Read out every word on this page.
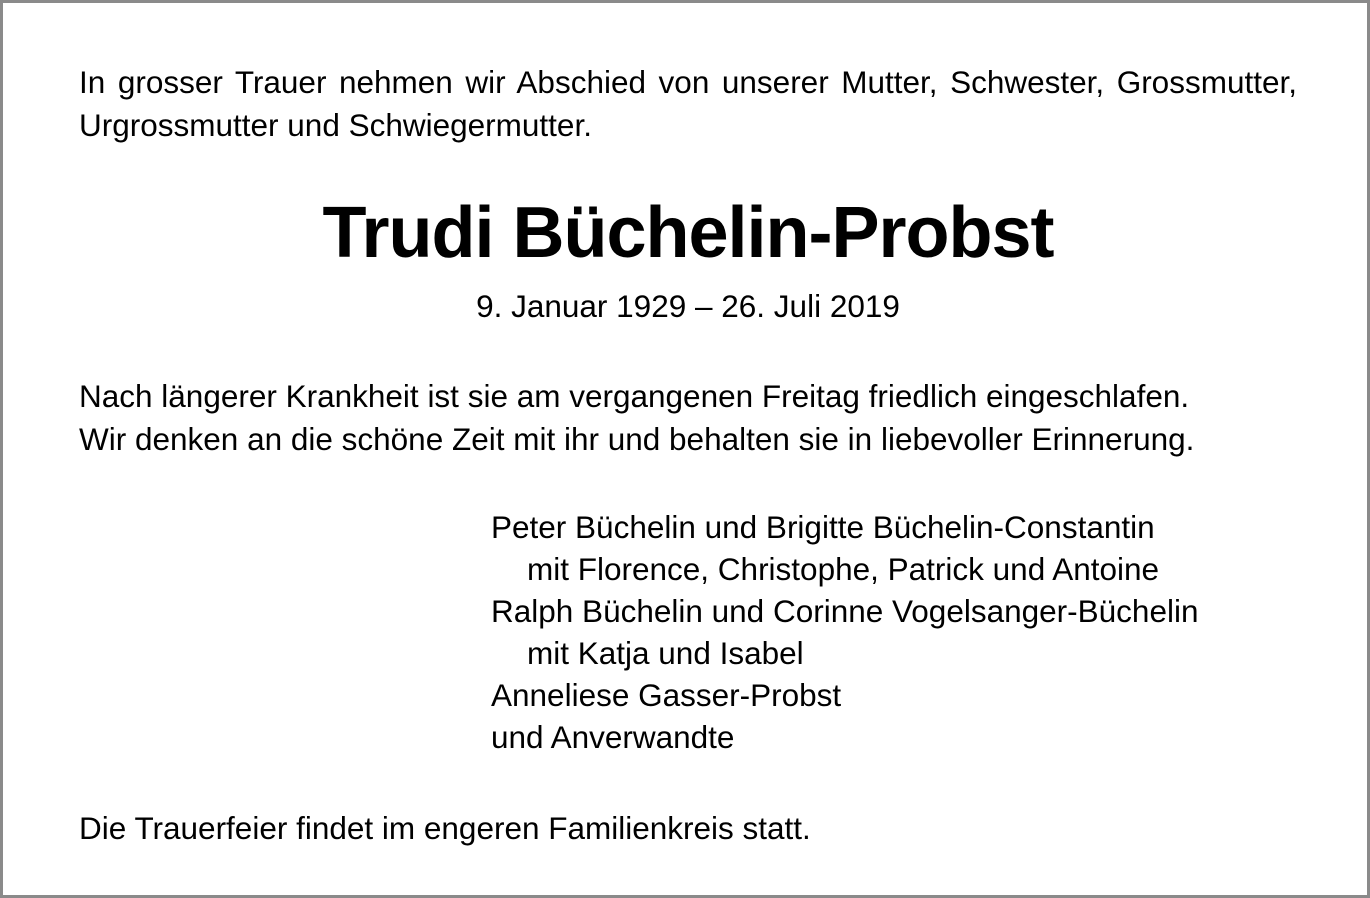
In grosser Trauer nehmen wir Abschied von unserer Mutter, Schwester, Grossmutter, Urgrossmutter und Schwiegermutter.

Trudi Büchelin-Probst

9. Januar 1929 – 26. Juli 2019

Nach längerer Krankheit ist sie am vergangenen Freitag friedlich eingeschlafen.
Wir denken an die schöne Zeit mit ihr und behalten sie in liebevoller Erinnerung.

Peter Büchelin und Brigitte Büchelin-Constantin
mit Florence, Christophe, Patrick und Antoine
Ralph Büchelin und Corinne Vogelsanger-Büchelin
mit Katja und Isabel
Anneliese Gasser-Probst
und Anverwandte

Die Trauerfeier findet im engeren Familienkreis statt.
